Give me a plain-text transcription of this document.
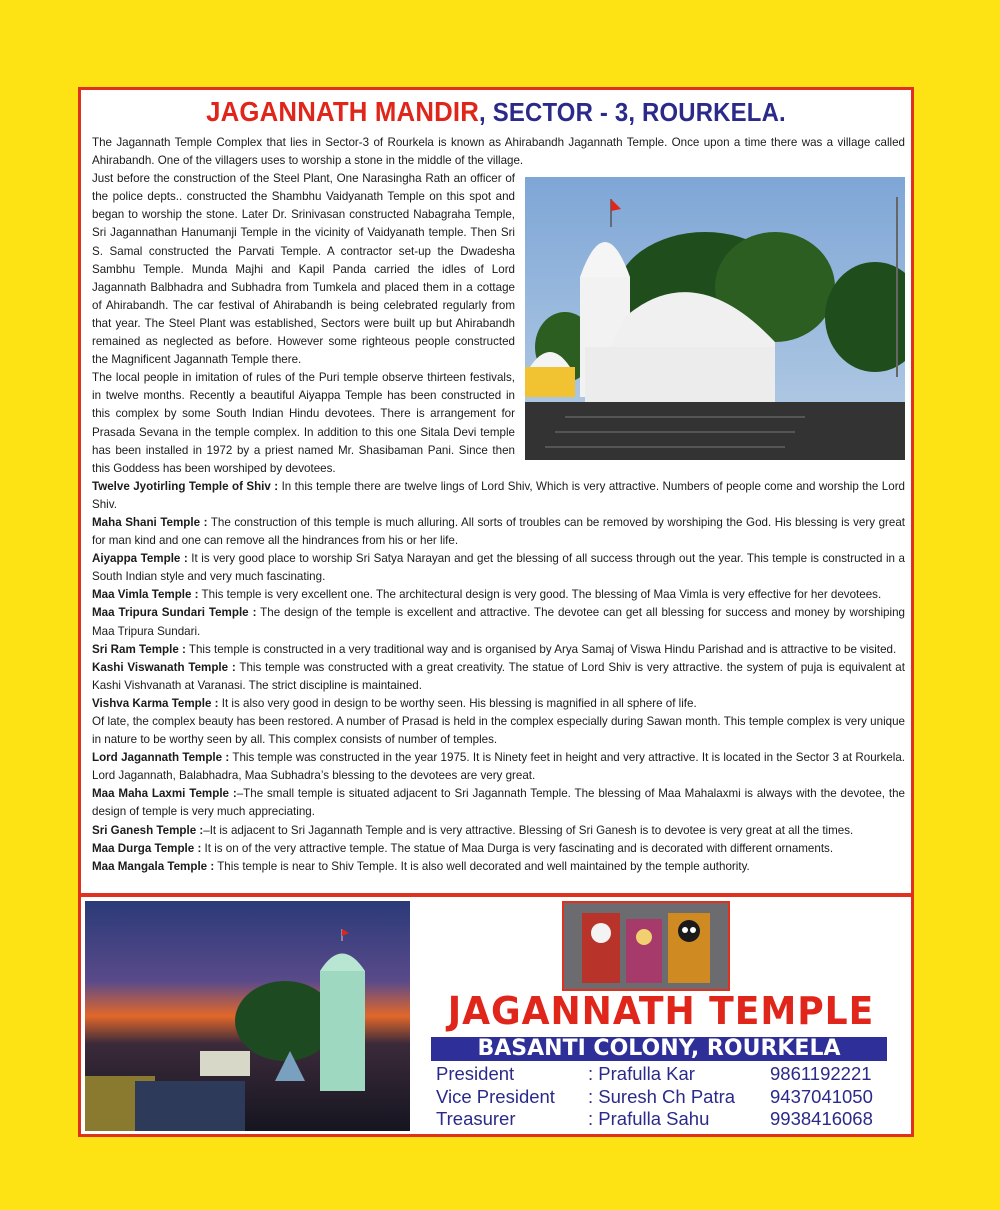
JAGANNATH MANDIR, SECTOR - 3, ROURKELA.

The Jagannath Temple Complex that lies in Sector-3 of Rourkela is known as Ahirabandh Jagannath Temple. Once upon a time there was a village called Ahirabandh. One of the villagers uses to worship a stone in the middle of the village.

Just before the construction of the Steel Plant, One Narasingha Rath an officer of the police depts.. constructed the Shambhu Vaidyanath Temple on this spot and began to worship the stone. Later Dr. Srinivasan constructed Nabagraha Temple, Sri Jagannathan Hanumanji Temple in the vicinity of Vaidyanath temple. Then Sri S. Samal constructed the Parvati Temple. A contractor set-up the Dwadesha Sambhu Temple. Munda Majhi and Kapil Panda carried the idles of Lord Jagannath Balbhadra and Subhadra from Tumkela and placed them in a cottage of Ahirabandh. The car festival of Ahirabandh is being celebrated regularly from that year. The Steel Plant was established, Sectors were built up but Ahirabandh remained as neglected as before. However some righteous people constructed the Magnificent Jagannath Temple there.

The local people in imitation of rules of the Puri temple observe thirteen festivals, in twelve months. Recently a beautiful Aiyappa Temple has been constructed in this complex by some South Indian Hindu devotees. There is arrangement for Prasada Sevana in the temple complex. In addition to this one Sitala Devi temple has been installed in 1972 by a priest named Mr. Shasibaman Pani. Since then this Goddess has been worshiped by devotees.

Twelve Jyotirling Temple of Shiv : In this temple there are twelve lings of Lord Shiv, Which is very attractive. Numbers of people come and worship the Lord Shiv.

Maha Shani Temple : The construction of this temple is much alluring. All sorts of troubles can be removed by worshiping the God. His blessing is very great for man kind and one can remove all the hindrances from his or her life.

Aiyappa Temple : It is very good place to worship Sri Satya Narayan and get the blessing of all success through out the year. This temple is constructed in a South Indian style and very much fascinating.

Maa Vimla Temple : This temple is very excellent one. The architectural design is very good. The blessing of Maa Vimla is very effective for her devotees.

Maa Tripura Sundari Temple : The design of the temple is excellent and attractive. The devotee can get all blessing for success and money by worshiping Maa Tripura Sundari.

Sri Ram Temple : This temple is constructed in a very traditional way and is organised by Arya Samaj of Viswa Hindu Parishad and is attractive to be visited.

Kashi Viswanath Temple : This temple was constructed with a great creativity. The statue of Lord Shiv is very attractive. the system of puja is equivalent at Kashi Vishvanath at Varanasi. The strict discipline is maintained.

Vishva Karma Temple : It is also very good in design to be worthy seen. His blessing is magnified in all sphere of life.

Of late, the complex beauty has been restored. A number of Prasad is held in the complex especially during Sawan month. This temple complex is very unique in nature to be worthy seen by all. This complex consists of number of temples.

Lord Jagannath Temple : This temple was constructed in the year 1975. It is Ninety feet in height and very attractive. It is located in the Sector 3 at Rourkela. Lord Jagannath, Balabhadra, Maa Subhadra’s blessing to the devotees are very great.

Maa Maha Laxmi Temple :–The small temple is situated adjacent to Sri Jagannath Temple. The blessing of Maa Mahalaxmi is always with the devotee, the design of temple is very much appreciating.

Sri Ganesh Temple :–It is adjacent to Sri Jagannath Temple and is very attractive. Blessing of Sri Ganesh is to devotee is very great at all the times.

Maa Durga Temple : It is on of the very attractive temple. The statue of Maa Durga is very fascinating and is decorated with different ornaments.

Maa Mangala Temple : This temple is near to Shiv Temple. It is also well decorated and well maintained by the temple authority.

JAGANNATH TEMPLE
BASANTI COLONY, ROURKELA
President	: Prafulla Kar	9861192221
Vice President	: Suresh Ch Patra	9437041050
Treasurer	: Prafulla Sahu	9938416068
